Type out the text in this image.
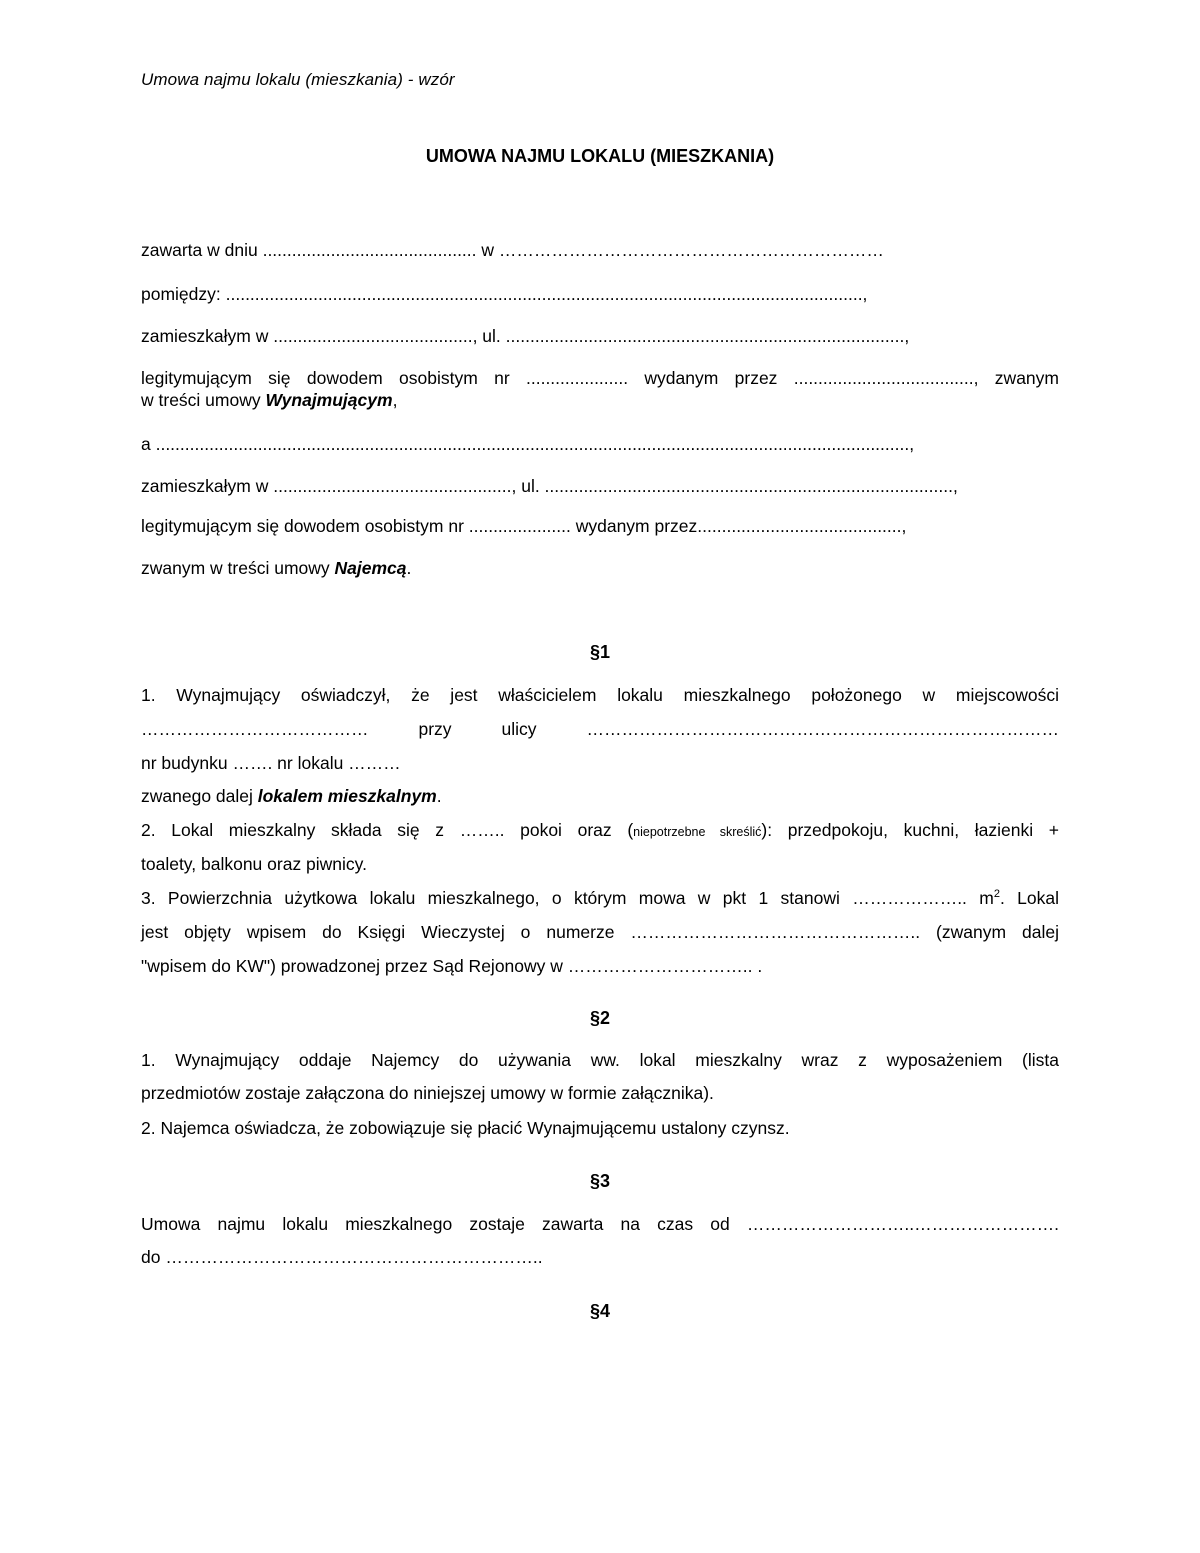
Umowa najmu lokalu (mieszkania) - wzór
UMOWA NAJMU LOKALU (MIESZKANIA)
zawarta w dniu ............................................ w …………………………………………………………
pomiędzy: ...................................................................................................................................,
zamieszkałym w ........................................., ul. ..................................................................................,
legitymującym się dowodem osobistym nr ..................... wydanym przez ....................................., zwanym
w treści umowy Wynajmującym,
a ...........................................................................................................................................................,
zamieszkałym w ................................................., ul. ....................................................................................,
legitymującym się dowodem osobistym nr ..................... wydanym przez..........................................,
zwanym w treści umowy Najemcą.
§1
1. Wynajmujący oświadczył, że jest właścicielem lokalu mieszkalnego położonego w miejscowości
………………………………… przy ulicy ………………………………………………………………………
nr budynku ……. nr lokalu ………
zwanego dalej lokalem mieszkalnym.
2. Lokal mieszkalny składa się z …….. pokoi oraz (niepotrzebne skreślić): przedpokoju, kuchni, łazienki +
toalety, balkonu oraz piwnicy.
3. Powierzchnia użytkowa lokalu mieszkalnego, o którym mowa w pkt 1 stanowi ……………….. $m^2$. Lokal
jest objęty wpisem do Księgi Wieczystej o numerze ………………………………………….. (zwanym dalej
"wpisem do KW") prowadzonej przez Sąd Rejonowy w ………………………….. .
§2
1. Wynajmujący oddaje Najemcy do używania ww. lokal mieszkalny wraz z wyposażeniem (lista
przedmiotów zostaje załączona do niniejszej umowy w formie załącznika).
2. Najemca oświadcza, że zobowiązuje się płacić Wynajmującemu ustalony czynsz.
§3
Umowa najmu lokalu mieszkalnego zostaje zawarta na czas od ………………………..…………………….
do ………………………………………………………..
§4
